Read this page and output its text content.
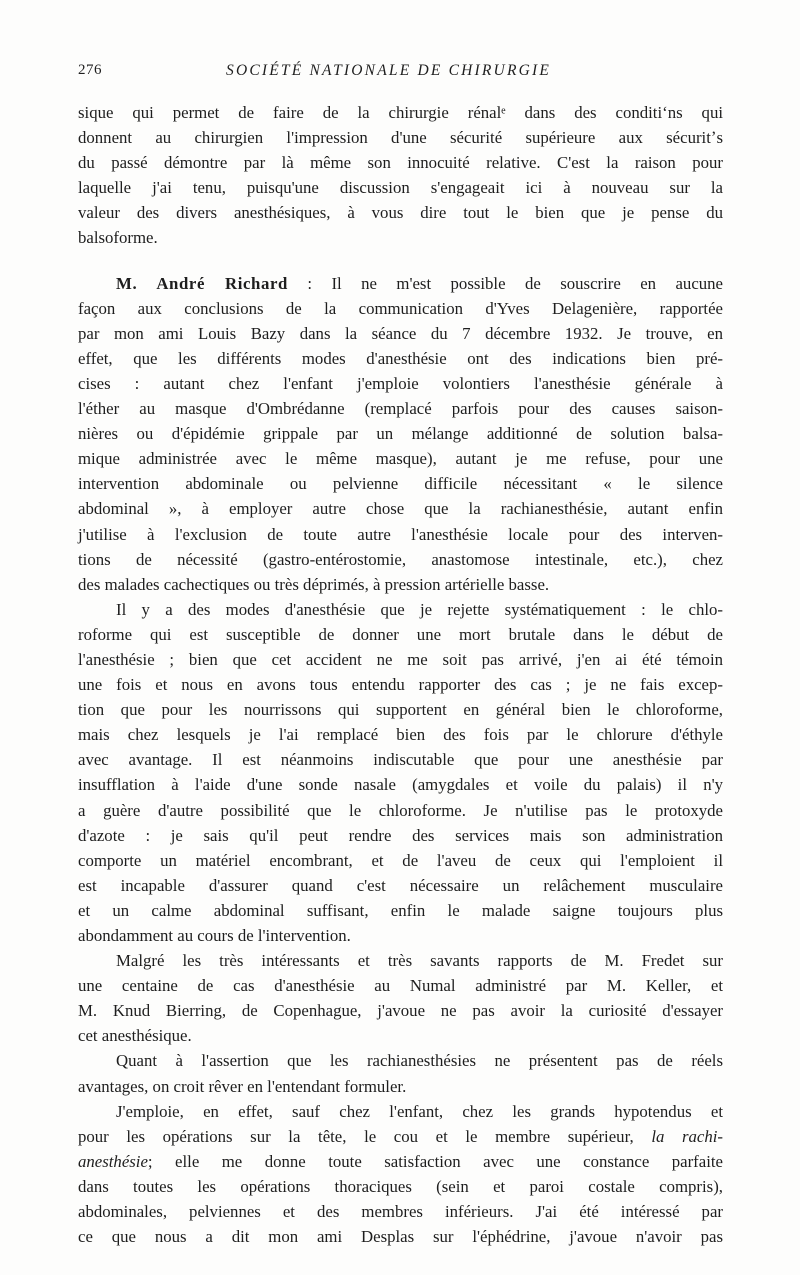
276	SOCIÉTÉ NATIONALE DE CHIRURGIE

sique qui permet de faire de la chirurgie rénalᵉ dans des conditi‘ns qui
donnent au chirurgien l'impression d'une sécurité supérieure aux sécuritʼs
du passé démontre par là même son innocuité relative. C'est la raison pour
laquelle j'ai tenu, puisqu'une discussion s'engageait ici à nouveau sur la
valeur des divers anesthésiques, à vous dire tout le bien que je pense du
balsoforme.

M. André Richard : Il ne m'est possible de souscrire en aucune
façon aux conclusions de la communication d'Yves Delagenière, rapportée
par mon ami Louis Bazy dans la séance du 7 décembre 1932. Je trouve, en
effet, que les différents modes d'anesthésie ont des indications bien pré-
cises : autant chez l'enfant j'emploie volontiers l'anesthésie générale à
l'éther au masque d'Ombrédanne (remplacé parfois pour des causes saison-
nières ou d'épidémie grippale par un mélange additionné de solution balsa-
mique administrée avec le même masque), autant je me refuse, pour une
intervention abdominale ou pelvienne difficile nécessitant « le silence
abdominal », à employer autre chose que la rachianesthésie, autant enfin
j'utilise à l'exclusion de toute autre l'anesthésie locale pour des interven-
tions de nécessité (gastro-entérostomie, anastomose intestinale, etc.), chez
des malades cachectiques ou très déprimés, à pression artérielle basse.

Il y a des modes d'anesthésie que je rejette systématiquement : le chlo-
roforme qui est susceptible de donner une mort brutale dans le début de
l'anesthésie ; bien que cet accident ne me soit pas arrivé, j'en ai été témoin
une fois et nous en avons tous entendu rapporter des cas ; je ne fais excep-
tion que pour les nourrissons qui supportent en général bien le chloroforme,
mais chez lesquels je l'ai remplacé bien des fois par le chlorure d'éthyle
avec avantage. Il est néanmoins indiscutable que pour une anesthésie par
insufflation à l'aide d'une sonde nasale (amygdales et voile du palais) il n'y
a guère d'autre possibilité que le chloroforme. Je n'utilise pas le protoxyde
d'azote : je sais qu'il peut rendre des services mais son administration
comporte un matériel encombrant, et de l'aveu de ceux qui l'emploient il
est incapable d'assurer quand c'est nécessaire un relâchement musculaire
et un calme abdominal suffisant, enfin le malade saigne toujours plus
abondamment au cours de l'intervention.

Malgré les très intéressants et très savants rapports de M. Fredet sur
une centaine de cas d'anesthésie au Numal administré par M. Keller, et
M. Knud Bierring, de Copenhague, j'avoue ne pas avoir la curiosité d'essayer
cet anesthésique.

Quant à l'assertion que les rachianesthésies ne présentent pas de réels
avantages, on croit rêver en l'entendant formuler.

J'emploie, en effet, sauf chez l'enfant, chez les grands hypotendus et
pour les opérations sur la tête, le cou et le membre supérieur, la rachi-
anesthésie; elle me donne toute satisfaction avec une constance parfaite
dans toutes les opérations thoraciques (sein et paroi costale compris),
abdominales, pelviennes et des membres inférieurs. J'ai été intéressé par
ce que nous a dit mon ami Desplas sur l'éphédrine, j'avoue n'avoir pas
